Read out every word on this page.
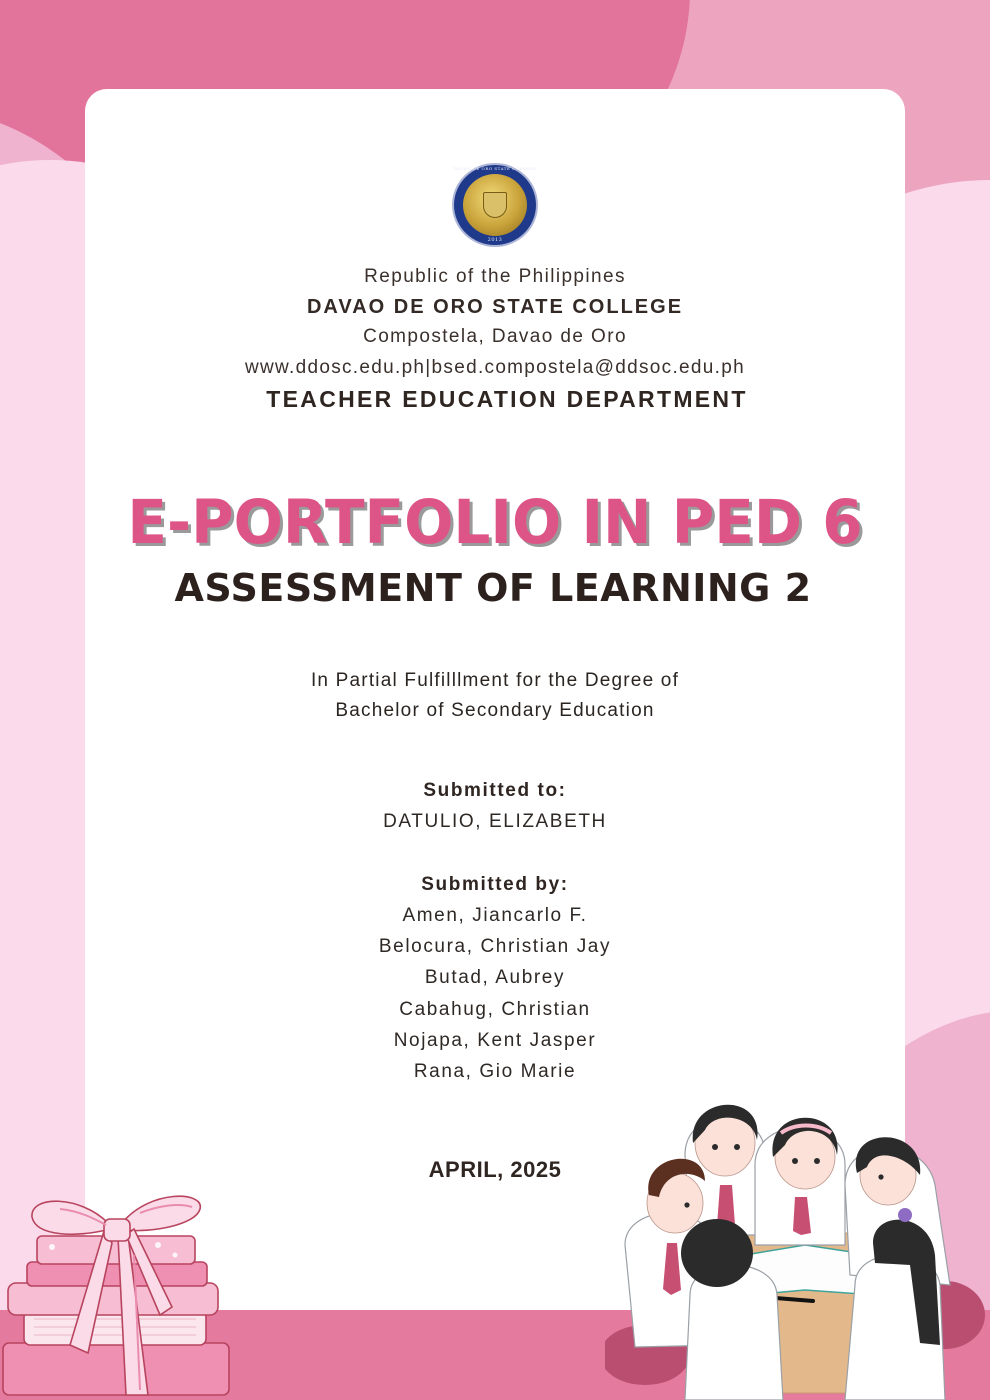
DAVAO DE ORO STATE COLLEGE
2013
Republic of the Philippines
DAVAO DE ORO STATE COLLEGE
Compostela, Davao de Oro
www.ddosc.edu.ph|bsed.compostela@ddsoc.edu.ph
TEACHER EDUCATION DEPARTMENT
E-PORTFOLIO IN PED 6
ASSESSMENT OF LEARNING 2
In Partial Fulfilllment for the Degree of
Bachelor of Secondary Education
Submitted to:
DATULIO, ELIZABETH
Submitted by:
Amen, Jiancarlo F.
Belocura, Christian Jay
Butad, Aubrey
Cabahug, Christian
Nojapa, Kent Jasper
Rana, Gio Marie
APRIL, 2025
